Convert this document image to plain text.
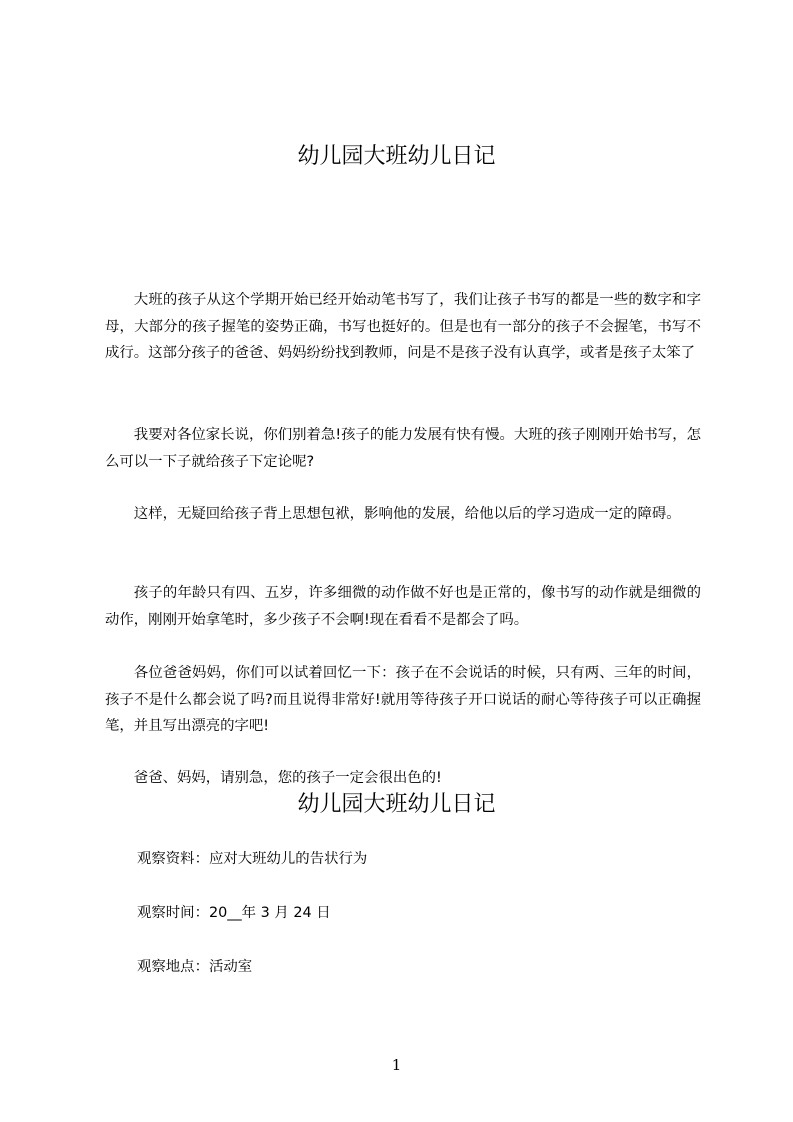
幼儿园大班幼儿日记

大班的孩子从这个学期开始已经开始动笔书写了，我们让孩子书写的都是一些的数字和字母，大部分的孩子握笔的姿势正确，书写也挺好的。但是也有一部分的孩子不会握笔，书写不成行。这部分孩子的爸爸、妈妈纷纷找到教师，问是不是孩子没有认真学，或者是孩子太笨了

我要对各位家长说，你们别着急!孩子的能力发展有快有慢。大班的孩子刚刚开始书写，怎么可以一下子就给孩子下定论呢?

这样，无疑回给孩子背上思想包袱，影响他的发展，给他以后的学习造成一定的障碍。

孩子的年龄只有四、五岁，许多细微的动作做不好也是正常的，像书写的动作就是细微的动作，刚刚开始拿笔时，多少孩子不会啊!现在看看不是都会了吗。

各位爸爸妈妈，你们可以试着回忆一下：孩子在不会说话的时候，只有两、三年的时间，孩子不是什么都会说了吗?而且说得非常好!就用等待孩子开口说话的耐心等待孩子可以正确握笔，并且写出漂亮的字吧!

爸爸、妈妈，请别急，您的孩子一定会很出色的!

幼儿园大班幼儿日记

观察资料：应对大班幼儿的告状行为

观察时间：20__年 3 月 24 日

观察地点：活动室

1
